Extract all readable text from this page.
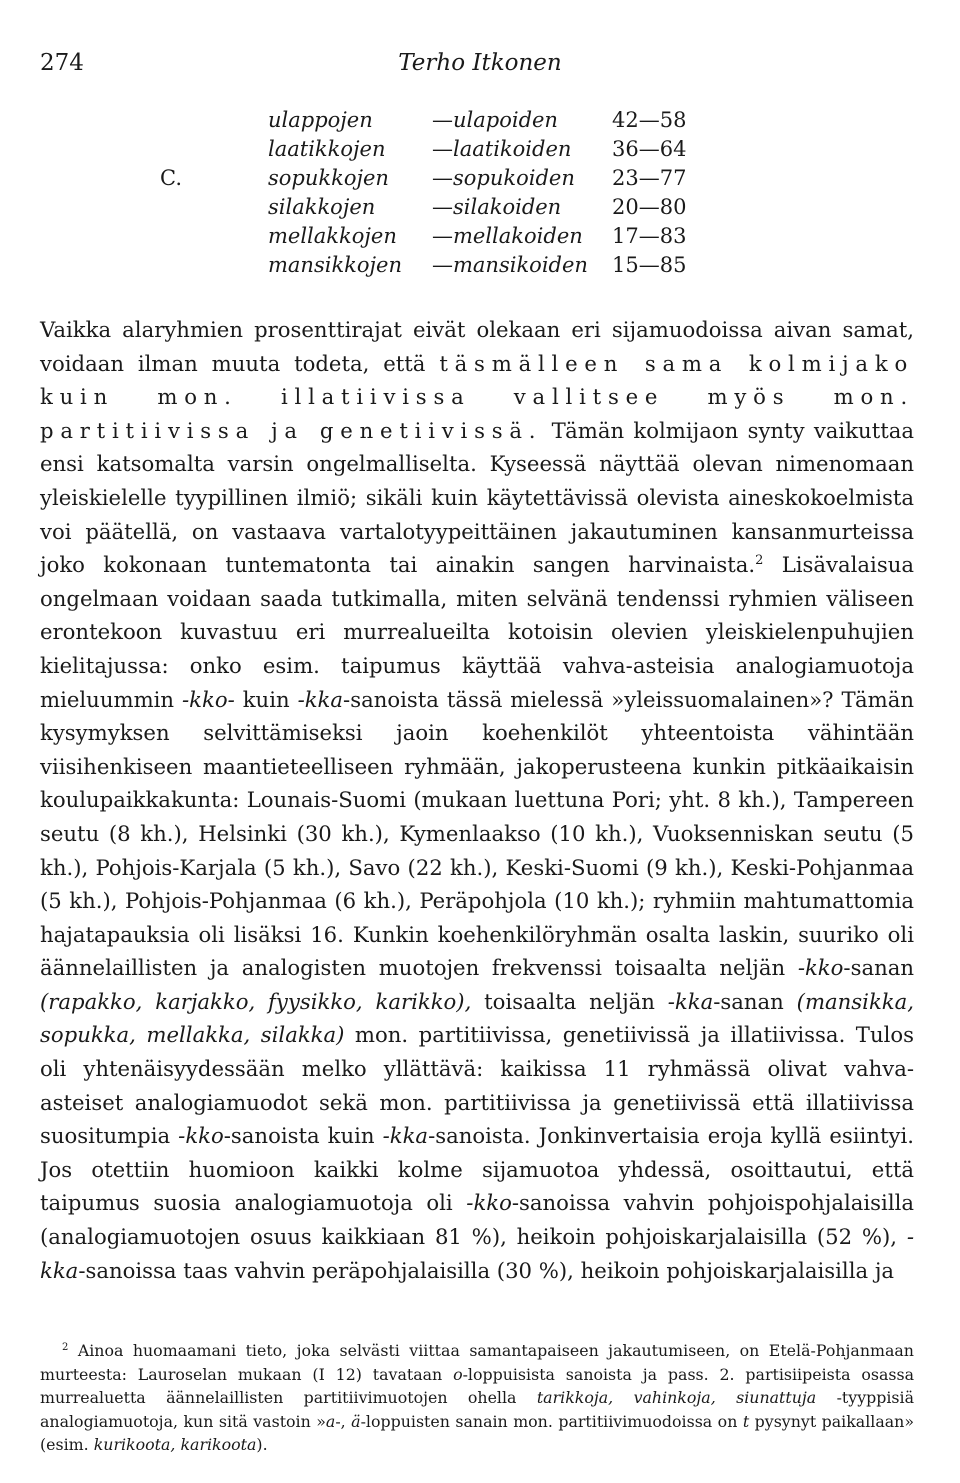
274	Terho Itkonen
ulappojen	— ulapoiden	42—58
laatikkojen — laatikoiden 36—64
C.	sopukkojen — sopukoiden 23—77
silakkojen	— silakoiden 20—80
mellakkojen — mellakoiden 17—83
mansikkojen — mansikoiden 15—85

Vaikka alaryhmien prosenttirajat eivät olekaan eri sijamuodoissa aivan samat, voidaan ilman muuta todeta, että täsmälleen sama kolmijako kuin mon. illatiivissa vallitsee myös mon. partitiivissa ja genetiivissä. Tämän kolmijaon synty vaikuttaa ensi katsomalta varsin ongelmalliselta. Kyseessä näyttää olevan nimenomaan yleiskielelle tyypillinen ilmiö; sikäli kuin käytettävissä olevista aineskokoelmista voi päätellä, on vastaava vartalotyypeittäinen jakautuminen kansanmurteissa joko kokonaan tuntematonta tai ainakin sangen harvinaista.$^2$ Lisävalaisua ongelmaan voidaan saada tutkimalla, miten selvänä tendenssi ryhmien väliseen erontekoon kuvastuu eri murrealueilta kotoisin olevien yleiskielenpuhujien kielitajussa: onko esim. taipumus käyttää vahva-asteisia analogiamuotoja mieluummin -kko- kuin -kka-sanoista tässä mielessä »yleissuomalainen»? Tämän kysymyksen selvittämiseksi jaoin koehenkilöt yhteentoista vähintään viisihenkiseen maantieteelliseen ryhmään, jakoperusteena kunkin pitkäaikaisin koulupaikkakunta: Lounais-Suomi (mukaan luettuna Pori; yht. 8 kh.), Tampereen seutu (8 kh.), Helsinki (30 kh.), Kymenlaakso (10 kh.), Vuoksenniskan seutu (5 kh.), Pohjois-Karjala (5 kh.), Savo (22 kh.), Keski-Suomi (9 kh.), Keski-Pohjanmaa (5 kh.), Pohjois-Pohjanmaa (6 kh.), Peräpohjola (10 kh.); ryhmiin mahtumattomia hajatapauksia oli lisäksi 16. Kunkin koehenkilöryhmän osalta laskin, suuriko oli äännelaillisten ja analogisten muotojen frekvenssi toisaalta neljän -kko-sanan (rapakko, karjakko, fyysikko, karikko), toisaalta neljän -kka-sanan (mansikka, sopukka, mellakka, silakka) mon. partitiivissa, genetiivissä ja illatiivissa. Tulos oli yhtenäisyydessään melko yllättävä: kaikissa 11 ryhmässä olivat vahva-asteiset analogiamuodot sekä mon. partitiivissa ja genetiivissä että illatiivissa suositumpia -kko-sanoista kuin -kka-sanoista. Jonkinvertaisia eroja kyllä esiintyi. Jos otettiin huomioon kaikki kolme sijamuotoa yhdessä, osoittautui, että taipumus suosia analogiamuotoja oli -kko-sanoissa vahvin pohjoispohjalaisilla (analogiamuotojen osuus kaikkiaan 81 %), heikoin pohjoiskarjalaisilla (52 %), -kka-sanoissa taas vahvin peräpohjalaisilla (30 %), heikoin pohjoiskarjalaisilla ja

$^2$ Ainoa huomaamani tieto, joka selvästi viittaa samantapaiseen jakautumiseen, on Etelä-Pohjanmaan murteesta: Lauroselan mukaan (I 12) tavataan o-loppuisista sanoista ja pass. 2. partisiipeista osassa murrealuetta äännelaillisten partitiivimuotojen ohella tarikkoja, vahinkoja, siunattuja -tyyppisiä analogiamuotoja, kun sitä vastoin »a-, ä-loppuisten sanain mon. partitiivimuodoissa on t pysynyt paikallaan» (esim. kurikoota, karikoota).
